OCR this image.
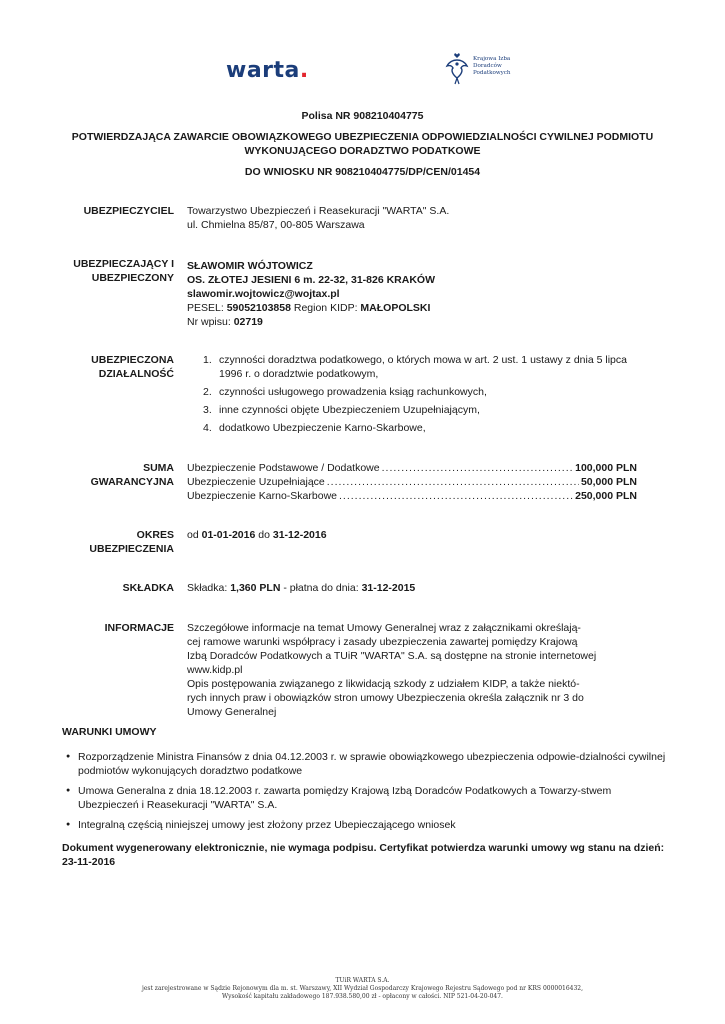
warta.	Krajowa Izba
Doradców
Podatkowych
Polisa NR 908210404775
POTWIERDZAJĄCA ZAWARCIE OBOWIĄZKOWEGO UBEZPIECZENIA ODPOWIEDZIALNOŚCI CYWILNEJ PODMIOTU
WYKONUJĄCEGO DORADZTWO PODATKOWE
DO WNIOSKU NR 908210404775/DP/CEN/01454
UBEZPIECZYCIEL Towarzystwo Ubezpieczeń i Reasekuracji "WARTA" S.A.
ul. Chmielna 85/87, 00-805 Warszawa
UBEZPIECZAJĄCY I
UBEZPIECZONY
SŁAWOMIR WÓJTOWICZ
OS. ZŁOTEJ JESIENI 6 m. 22-32, 31-826 KRAKÓW
slawomir.wojtowicz@wojtax.pl
PESEL: 59052103858 Region KIDP: MAŁOPOLSKI
Nr wpisu: 02719
UBEZPIECZONA
DZIAŁALNOŚĆ
1. czynności doradztwa podatkowego, o których mowa w art. 2 ust. 1 ustawy z dnia 5 lipca 1996 r. o doradztwie podatkowym,
2. czynności usługowego prowadzenia ksiąg rachunkowych,
3. inne czynności objęte Ubezpieczeniem Uzupełniającym,
4. dodatkowo Ubezpieczenie Karno-Skarbowe,
SUMA
GWARANCYJNA
Ubezpieczenie Podstawowe / Dodatkowe .....	100,000 PLN
Ubezpieczenie Uzupełniające .....	50,000 PLN
Ubezpieczenie Karno-Skarbowe .....	250,000 PLN
OKRES
UBEZPIECZENIA
od 01-01-2016 do 31-12-2016
SKŁADKA Składka: 1,360 PLN - płatna do dnia: 31-12-2015
INFORMACJE Szczegółowe informacje na temat Umowy Generalnej wraz z załącznikami określają-
cej ramowe warunki współpracy i zasady ubezpieczenia zawartej pomiędzy Krajową
Izbą Doradców Podatkowych a TUiR "WARTA" S.A. są dostępne na stronie internetowej
www.kidp.pl
Opis postępowania związanego z likwidacją szkody z udziałem KIDP, a także niektó-
rych innych praw i obowiązków stron umowy Ubezpieczenia określa załącznik nr 3 do
Umowy Generalnej
WARUNKI UMOWY
● Rozporządzenie Ministra Finansów z dnia 04.12.2003 r. w sprawie obowiązkowego ubezpieczenia odpowie-dzialności cywilnej podmiotów wykonujących doradztwo podatkowe
● Umowa Generalna z dnia 18.12.2003 r. zawarta pomiędzy Krajową Izbą Doradców Podatkowych a Towarzy-stwem Ubezpieczeń i Reasekuracji "WARTA" S.A.
● Integralną częścią niniejszej umowy jest złożony przez Ubepieczającego wniosek
Dokument wygenerowany elektronicznie, nie wymaga podpisu. Certyfikat potwierdza warunki umowy wg stanu na dzień: 23-11-2016
TUiR WARTA S.A.
jest zarejestrowane w Sądzie Rejonowym dla m. st. Warszawy, XII Wydział Gospodarczy Krajowego Rejestru Sądowego pod nr KRS 0000016432,
Wysokość kapitału zakładowego 187.938.580,00 zł - opłacony w całości. NIP 521-04-20-047.
